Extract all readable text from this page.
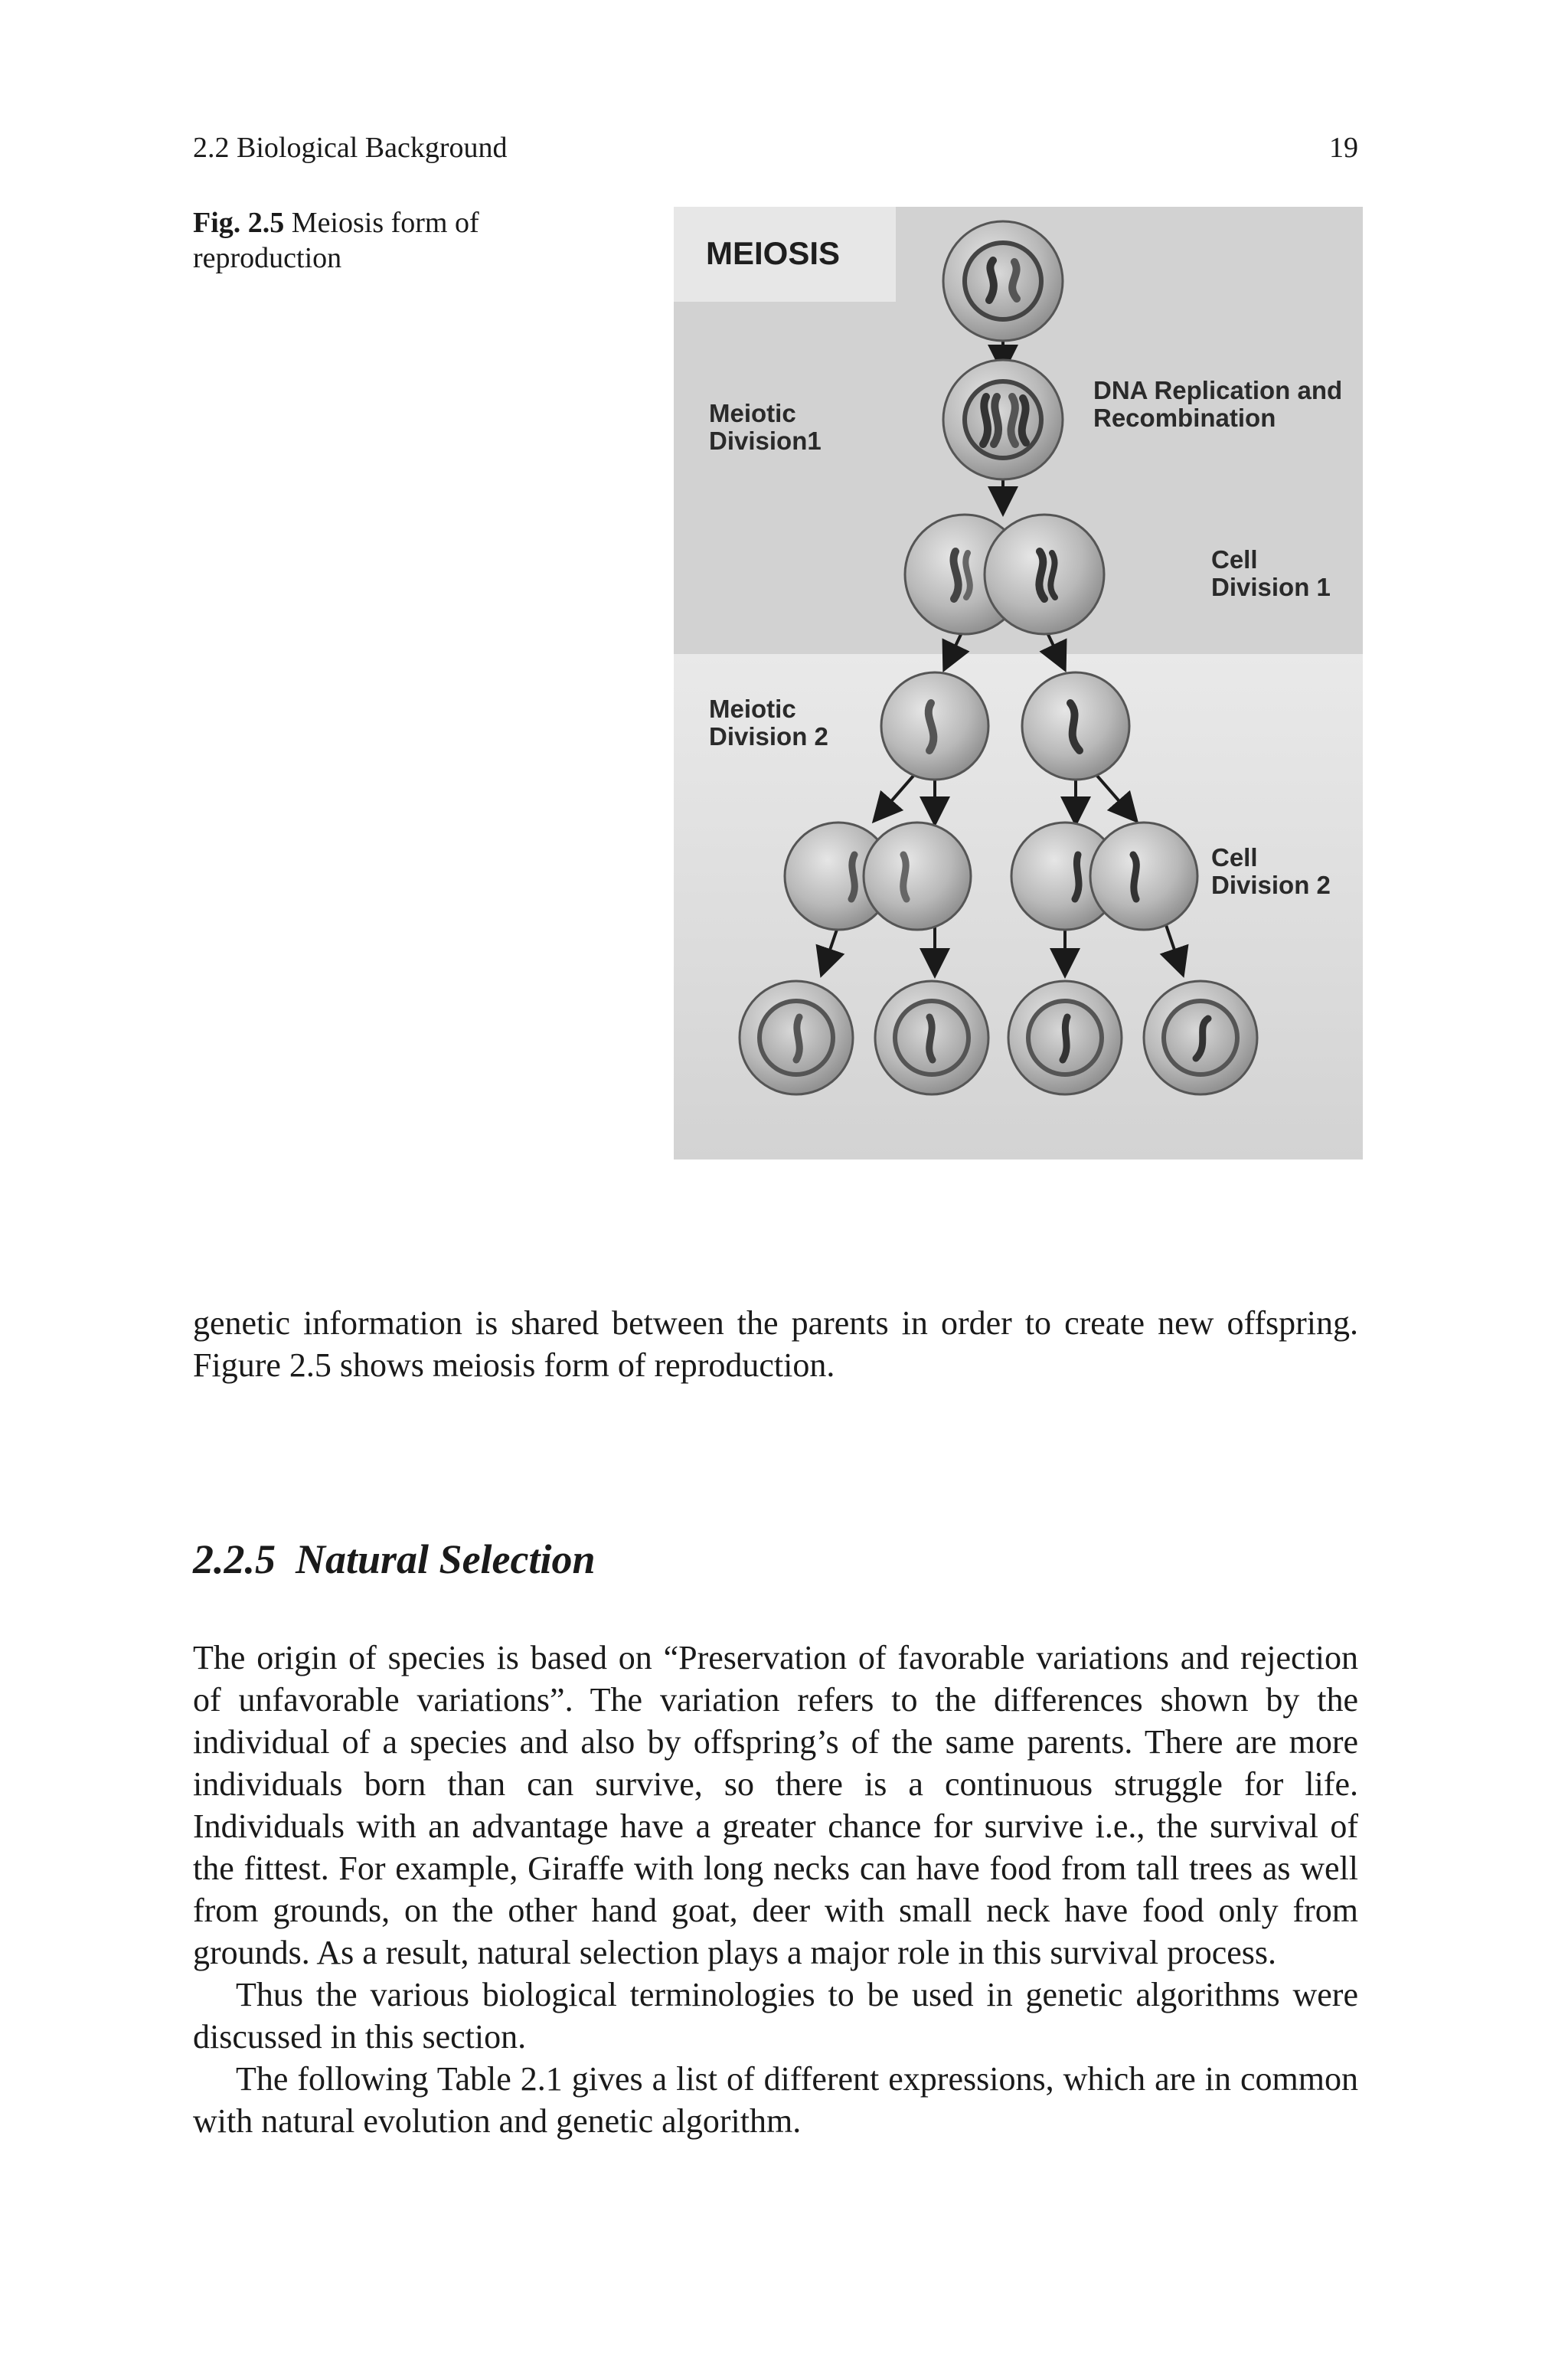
2.2 Biological Background	19
Fig. 2.5 Meiosis form of reproduction	MEIOSIS
Meiotic Division1
Meiotic Division 2
DNA Replication and Recombination
Cell Division 1
Cell Division 2

genetic information is shared between the parents in order to create new offspring. Figure 2.5 shows meiosis form of reproduction.

2.2.5 Natural Selection

The origin of species is based on “Preservation of favorable variations and rejection of unfavorable variations”. The variation refers to the differences shown by the individual of a species and also by offspring’s of the same parents. There are more individuals born than can survive, so there is a continuous struggle for life. Individuals with an advantage have a greater chance for survive i.e., the survival of the fittest. For example, Giraffe with long necks can have food from tall trees as well from grounds, on the other hand goat, deer with small neck have food only from grounds. As a result, natural selection plays a major role in this survival process.

Thus the various biological terminologies to be used in genetic algorithms were discussed in this section.

The following Table 2.1 gives a list of different expressions, which are in common with natural evolution and genetic algorithm.
